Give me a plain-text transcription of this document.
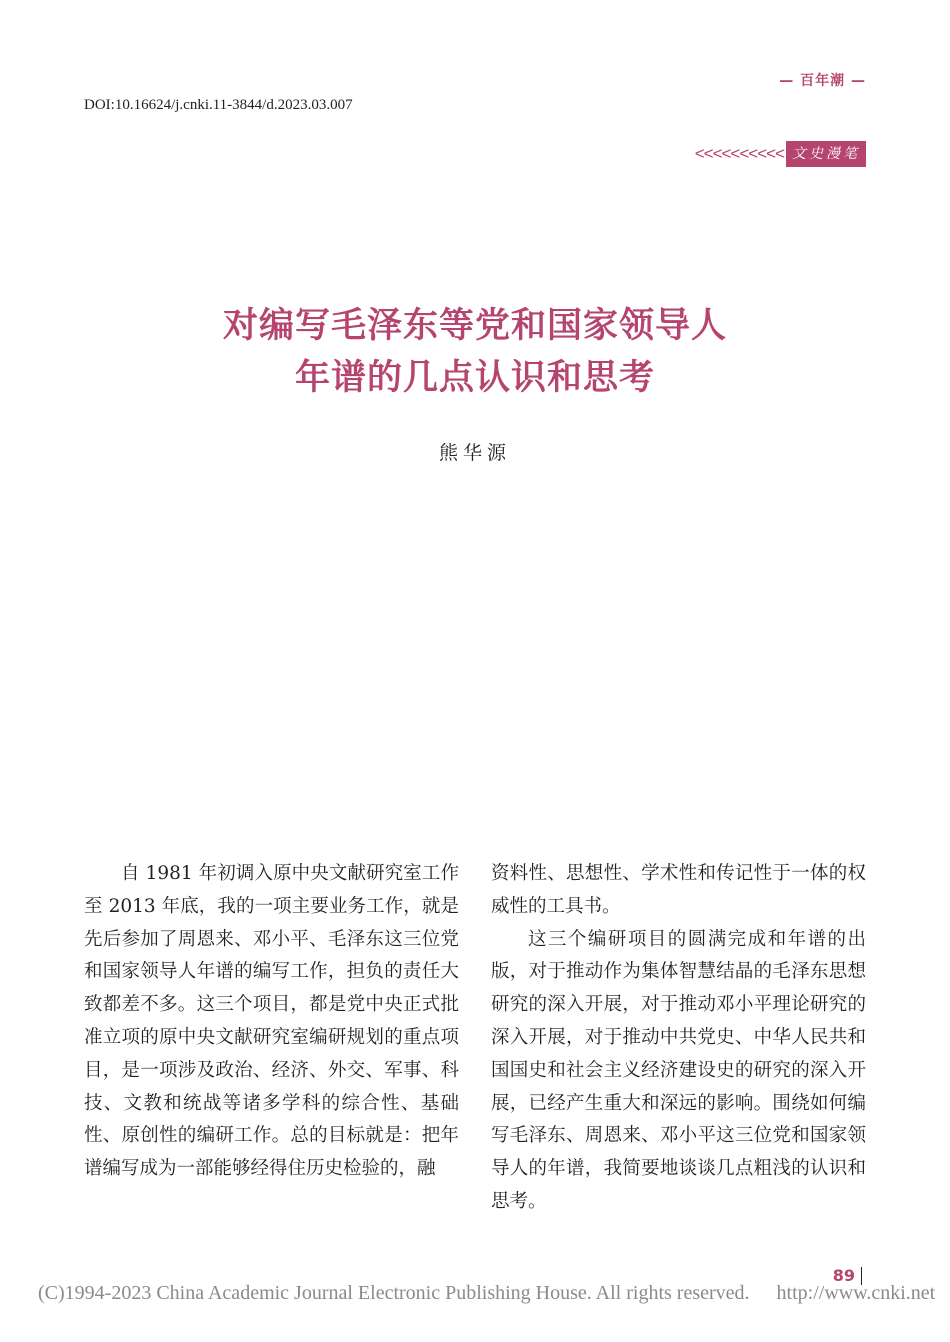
— 百年潮 —
DOI:10.16624/j.cnki.11-3844/d.2023.03.007
<<<<<<<<<< 文史漫笔
对编写毛泽东等党和国家领导人
年谱的几点认识和思考
熊华源

自 1981 年初调入原中央文献研究室工作至 2013 年底，我的一项主要业务工作，就是先后参加了周恩来、邓小平、毛泽东这三位党和国家领导人年谱的编写工作，担负的责任大致都差不多。这三个项目，都是党中央正式批准立项的原中央文献研究室编研规划的重点项目，是一项涉及政治、经济、外交、军事、科技、文教和统战等诸多学科的综合性、基础性、原创性的编研工作。总的目标就是：把年谱编写成为一部能够经得住历史检验的，融

资料性、思想性、学术性和传记性于一体的权威性的工具书。

这三个编研项目的圆满完成和年谱的出版，对于推动作为集体智慧结晶的毛泽东思想研究的深入开展，对于推动邓小平理论研究的深入开展，对于推动中共党史、中华人民共和国国史和社会主义经济建设史的研究的深入开展，已经产生重大和深远的影响。围绕如何编写毛泽东、周恩来、邓小平这三位党和国家领导人的年谱，我简要地谈谈几点粗浅的认识和思考。

89
(C)1994-2023 China Academic Journal Electronic Publishing House. All rights reserved. http://www.cnki.net
